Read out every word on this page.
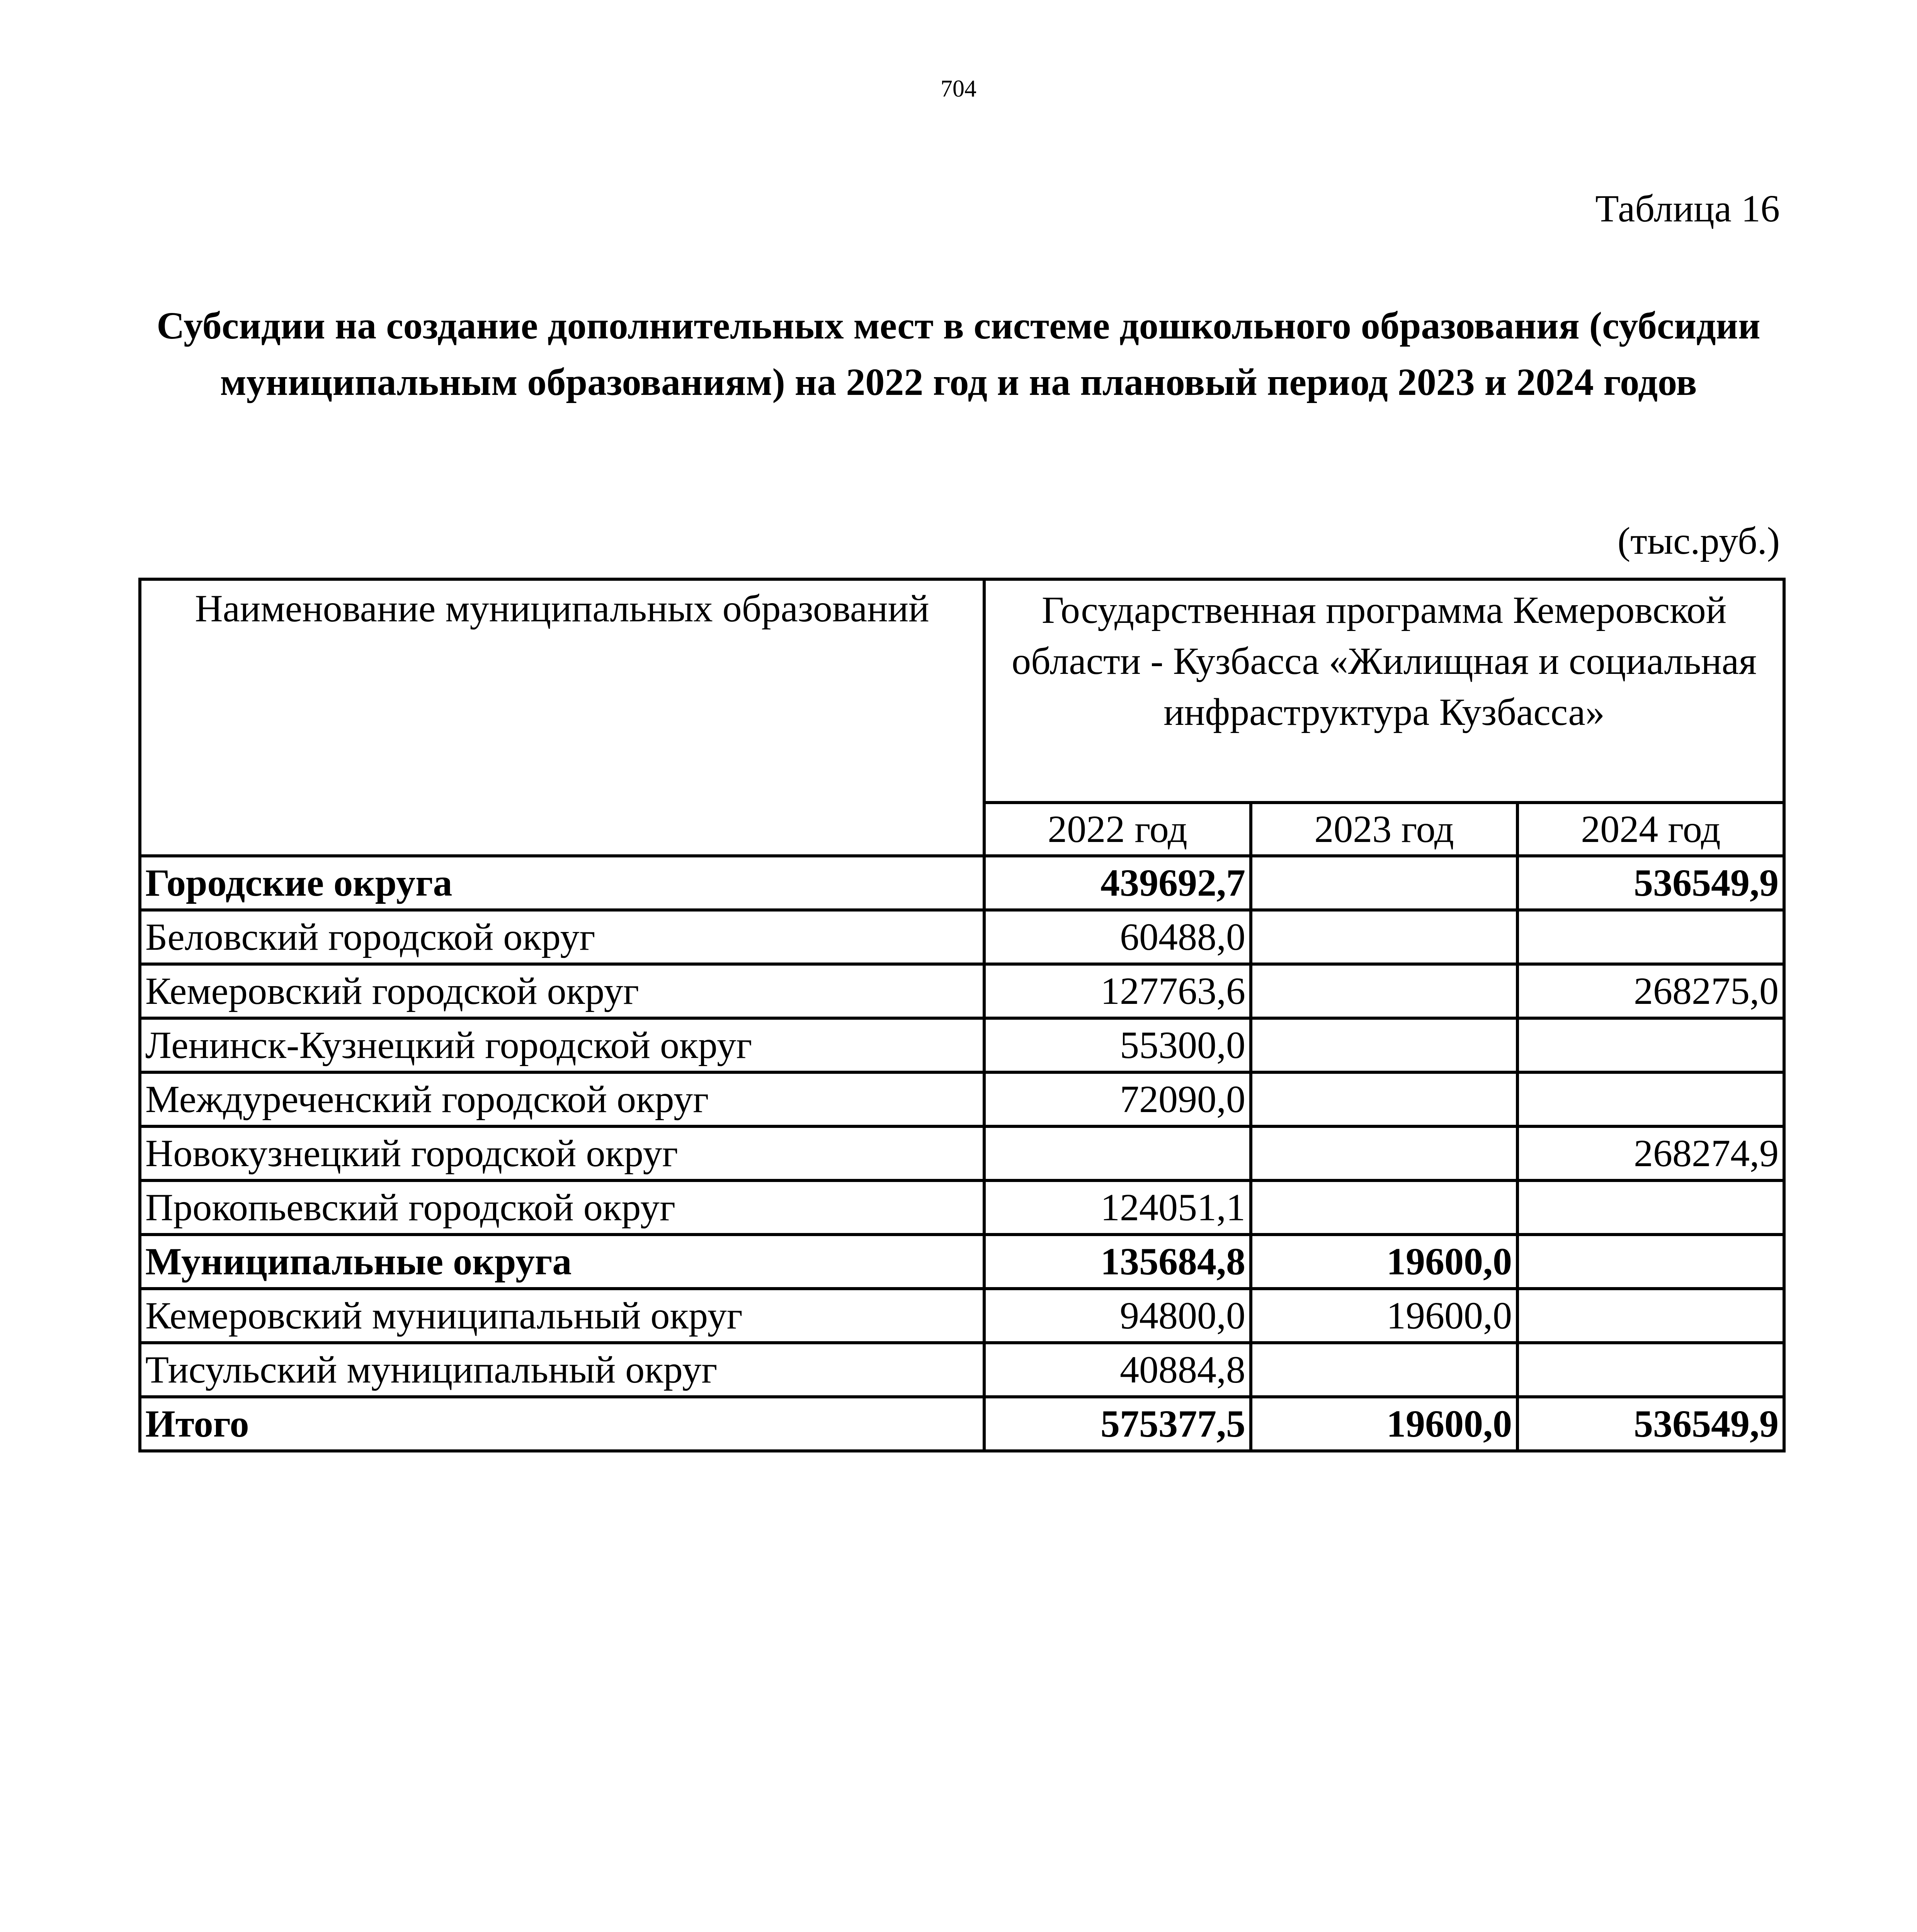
704
Таблица 16
Субсидии на создание дополнительных мест в системе дошкольного образования (субсидии муниципальным образованиям) на 2022 год и на плановый период 2023 и 2024 годов
(тыс.руб.)
Наименование муниципальных образований	Государственная программа Кемеровской области - Кузбасса «Жилищная и социальная инфраструктура Кузбасса»		
	2022 год	2023 год	2024 год
Городские округа	439692,7		536549,9
Беловский городской округ	60488,0		
Кемеровский городской округ	127763,6		268275,0
Ленинск-Кузнецкий городской округ	55300,0		
Междуреченский городской округ	72090,0		
Новокузнецкий городской округ			268274,9
Прокопьевский городской округ	124051,1		
Муниципальные округа	135684,8	19600,0	
Кемеровский муниципальный округ	94800,0	19600,0	
Тисульский муниципальный округ	40884,8		
Итого	575377,5	19600,0	536549,9
